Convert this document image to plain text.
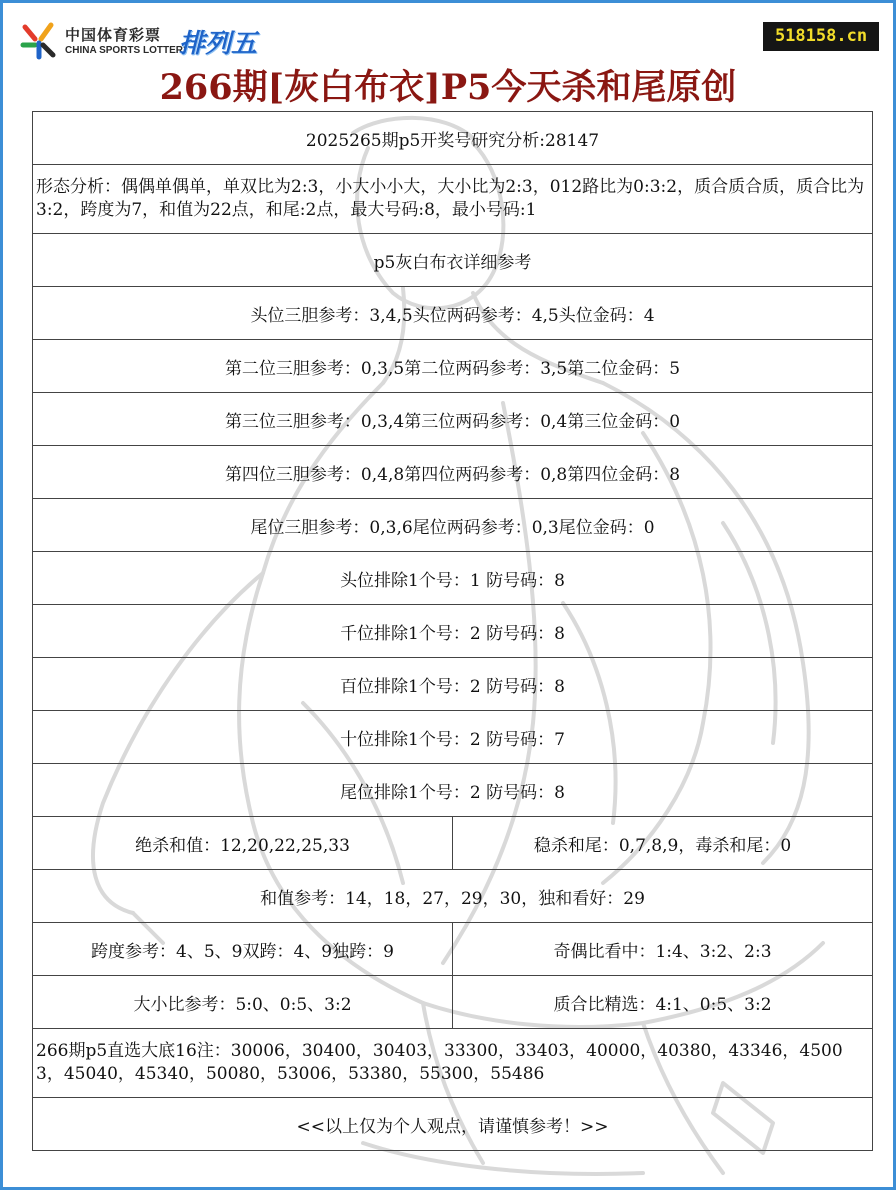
中国体育彩票
CHINA SPORTS LOTTERY
排列五	518158.cn
266期[灰白布衣]P5今天杀和尾原创
2025265期p5开奖号研究分析:28147	
形态分析：偶偶单偶单，单双比为2:3，小大小小大，大小比为2:3，012路比为0:3:2，质合质合质，质合比为3:2，跨度为7，和值为22点，和尾:2点，最大号码:8，最小号码:1	
p5灰白布衣详细参考	
头位三胆参考：3,4,5头位两码参考：4,5头位金码：4	
第二位三胆参考：0,3,5第二位两码参考：3,5第二位金码：5	
第三位三胆参考：0,3,4第三位两码参考：0,4第三位金码：0	
第四位三胆参考：0,4,8第四位两码参考：0,8第四位金码：8	
尾位三胆参考：0,3,6尾位两码参考：0,3尾位金码：0	
头位排除1个号：1 防号码：8	
千位排除1个号：2 防号码：8	
百位排除1个号：2 防号码：8	
十位排除1个号：2 防号码：7	
尾位排除1个号：2 防号码：8	
绝杀和值：12,20,22,25,33	稳杀和尾：0,7,8,9，毒杀和尾：0
和值参考：14，18，27，29，30，独和看好：29	
跨度参考：4、5、9双跨：4、9独跨：9	奇偶比看中：1:4、3:2、2:3
大小比参考：5:0、0:5、3:2	质合比精选：4:1、0:5、3:2
266期p5直选大底16注：30006，30400，30403，33300，33403，40000，40380，43346，45003，45040，45340，50080，53006，53380，55300，55486	
<<以上仅为个人观点，请谨慎参考！>>	
